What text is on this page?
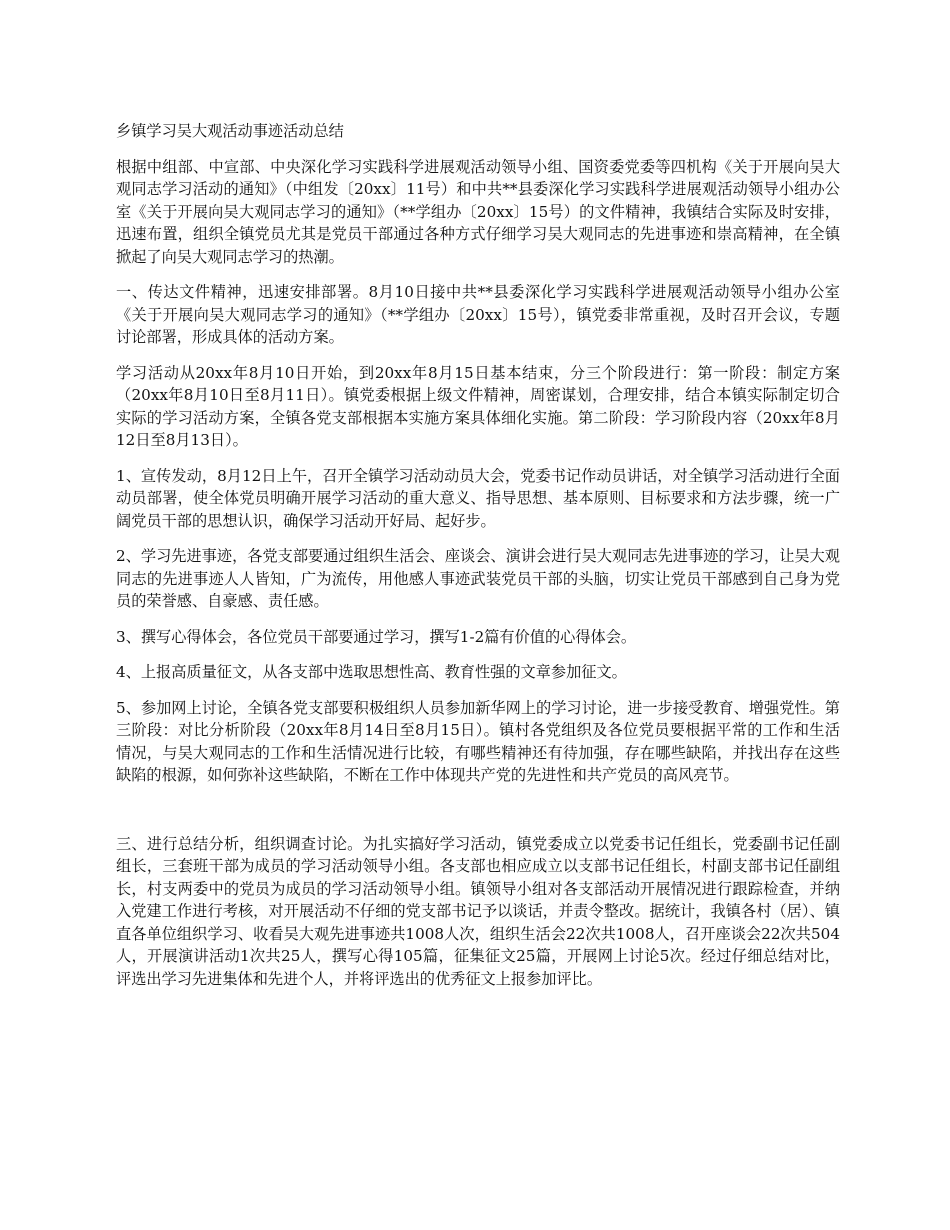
乡镇学习吴大观活动事迹活动总结

根据中组部、中宣部、中央深化学习实践科学进展观活动领导小组、国资委党委等四机构《关于开展向吴大观同志学习活动的通知》（中组发〔20xx〕11号）和中共**县委深化学习实践科学进展观活动领导小组办公室《关于开展向吴大观同志学习的通知》（**学组办〔20xx〕15号）的文件精神，我镇结合实际及时安排，迅速布置，组织全镇党员尤其是党员干部通过各种方式仔细学习吴大观同志的先进事迹和崇高精神，在全镇掀起了向吴大观同志学习的热潮。

一、传达文件精神，迅速安排部署。8月10日接中共**县委深化学习实践科学进展观活动领导小组办公室《关于开展向吴大观同志学习的通知》（**学组办〔20xx〕15号），镇党委非常重视，及时召开会议，专题讨论部署，形成具体的活动方案。

学习活动从20xx年8月10日开始，到20xx年8月15日基本结束，分三个阶段进行：第一阶段：制定方案（20xx年8月10日至8月11日）。镇党委根据上级文件精神，周密谋划，合理安排，结合本镇实际制定切合实际的学习活动方案，全镇各党支部根据本实施方案具体细化实施。第二阶段：学习阶段内容（20xx年8月12日至8月13日）。

1、宣传发动，8月12日上午，召开全镇学习活动动员大会，党委书记作动员讲话，对全镇学习活动进行全面动员部署，使全体党员明确开展学习活动的重大意义、指导思想、基本原则、目标要求和方法步骤，统一广阔党员干部的思想认识，确保学习活动开好局、起好步。

2、学习先进事迹，各党支部要通过组织生活会、座谈会、演讲会进行吴大观同志先进事迹的学习，让吴大观同志的先进事迹人人皆知，广为流传，用他感人事迹武装党员干部的头脑，切实让党员干部感到自己身为党员的荣誉感、自豪感、责任感。

3、撰写心得体会，各位党员干部要通过学习，撰写1-2篇有价值的心得体会。

4、上报高质量征文，从各支部中选取思想性高、教育性强的文章参加征文。

5、参加网上讨论，全镇各党支部要积极组织人员参加新华网上的学习讨论，进一步接受教育、增强党性。第三阶段：对比分析阶段（20xx年8月14日至8月15日）。镇村各党组织及各位党员要根据平常的工作和生活情况，与吴大观同志的工作和生活情况进行比较，有哪些精神还有待加强，存在哪些缺陷，并找出存在这些缺陷的根源，如何弥补这些缺陷，不断在工作中体现共产党的先进性和共产党员的高风亮节。

三、进行总结分析，组织调查讨论。为扎实搞好学习活动，镇党委成立以党委书记任组长，党委副书记任副组长，三套班干部为成员的学习活动领导小组。各支部也相应成立以支部书记任组长，村副支部书记任副组长，村支两委中的党员为成员的学习活动领导小组。镇领导小组对各支部活动开展情况进行跟踪检查，并纳入党建工作进行考核，对开展活动不仔细的党支部书记予以谈话，并责令整改。据统计，我镇各村（居）、镇直各单位组织学习、收看吴大观先进事迹共1008人次，组织生活会22次共1008人，召开座谈会22次共504人，开展演讲活动1次共25人，撰写心得105篇，征集征文25篇，开展网上讨论5次。经过仔细总结对比，评选出学习先进集体和先进个人，并将评选出的优秀征文上报参加评比。
